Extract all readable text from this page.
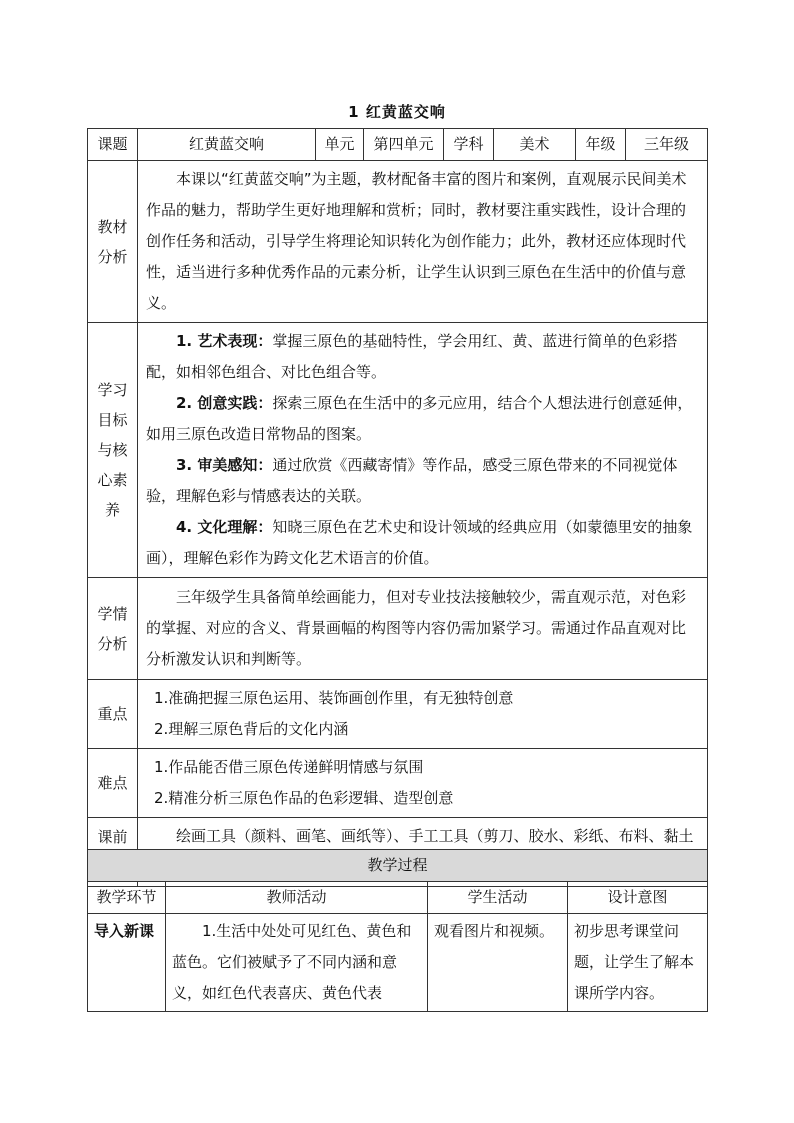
1 红黄蓝交响
课题	红黄蓝交响	单元	第四单元	学科	美术	年级	三年级

教材分析	本课以“红黄蓝交响”为主题，教材配备丰富的图片和案例，直观展示民间美术作品的魅力，帮助学生更好地理解和赏析；同时，教材要注重实践性，设计合理的创作任务和活动，引导学生将理论知识转化为创作能力；此外，教材还应体现时代性，适当进行多种优秀作品的元素分析，让学生认识到三原色在生活中的价值与意义。						

学习目标与核心素养	1. 艺术表现：掌握三原色的基础特性，学会用红、黄、蓝进行简单的色彩搭配，如相邻色组合、对比色组合等。

2. 创意实践：探索三原色在生活中的多元应用，结合个人想法进行创意延伸，如用三原色改造日常物品的图案。

3. 审美感知：通过欣赏《西藏寄情》等作品，感受三原色带来的不同视觉体验，理解色彩与情感表达的关联。

4. 文化理解：知晓三原色在艺术史和设计领域的经典应用（如蒙德里安的抽象画），理解色彩作为跨文化艺术语言的价值。						

学情分析	三年级学生具备简单绘画能力，但对专业技法接触较少，需直观示范，对色彩的掌握、对应的含义、背景画幅的构图等内容仍需加紧学习。需通过作品直观对比分析激发认识和判断等。						

重点	1.准确把握三原色运用、装饰画创作里，有无独特创意

2.理解三原色背后的文化内涵						

难点	1.作品能否借三原色传递鲜明情感与氛围

2.精准分析三原色作品的色彩逻辑、造型创意						

课前	绘画工具（颜料、画笔、画纸等）、手工工具（剪刀、胶水、彩纸、布料、黏土						

教学过程			
教学环节	教师活动	学生活动	设计意图
导入新课	1.生活中处处可见红色、黄色和蓝色。它们被赋予了不同内涵和意义，如红色代表喜庆、黄色代表	观看图片和视频。	初步思考课堂问题，让学生了解本课所学内容。
